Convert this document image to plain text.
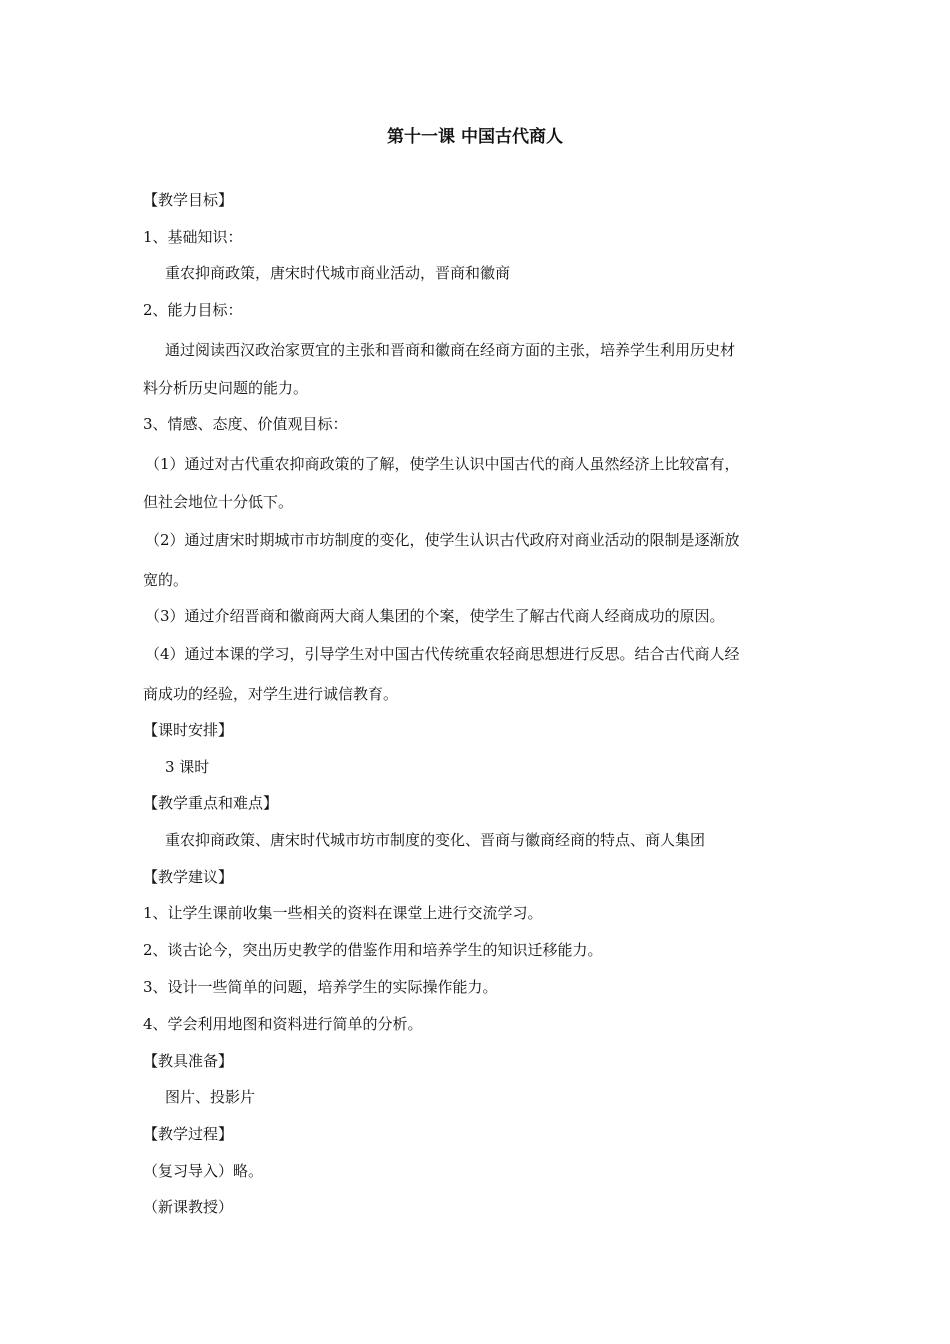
第十一课 中国古代商人
【教学目标】
1、基础知识：
重农抑商政策，唐宋时代城市商业活动，晋商和徽商
2、能力目标：
通过阅读西汉政治家贾宜的主张和晋商和徽商在经商方面的主张，培养学生利用历史材
料分析历史问题的能力。
3、情感、态度、价值观目标：
（1）通过对古代重农抑商政策的了解，使学生认识中国古代的商人虽然经济上比较富有，
但社会地位十分低下。
（2）通过唐宋时期城市市坊制度的变化，使学生认识古代政府对商业活动的限制是逐渐放
宽的。
（3）通过介绍晋商和徽商两大商人集团的个案，使学生了解古代商人经商成功的原因。
（4）通过本课的学习，引导学生对中国古代传统重农轻商思想进行反思。结合古代商人经
商成功的经验，对学生进行诚信教育。
【课时安排】
3 课时
【教学重点和难点】
重农抑商政策、唐宋时代城市坊市制度的变化、晋商与徽商经商的特点、商人集团
【教学建议】
1、让学生课前收集一些相关的资料在课堂上进行交流学习。
2、谈古论今，突出历史教学的借鉴作用和培养学生的知识迁移能力。
3、设计一些简单的问题，培养学生的实际操作能力。
4、学会利用地图和资料进行简单的分析。
【教具准备】
图片、投影片
【教学过程】
（复习导入）略。
（新课教授）
